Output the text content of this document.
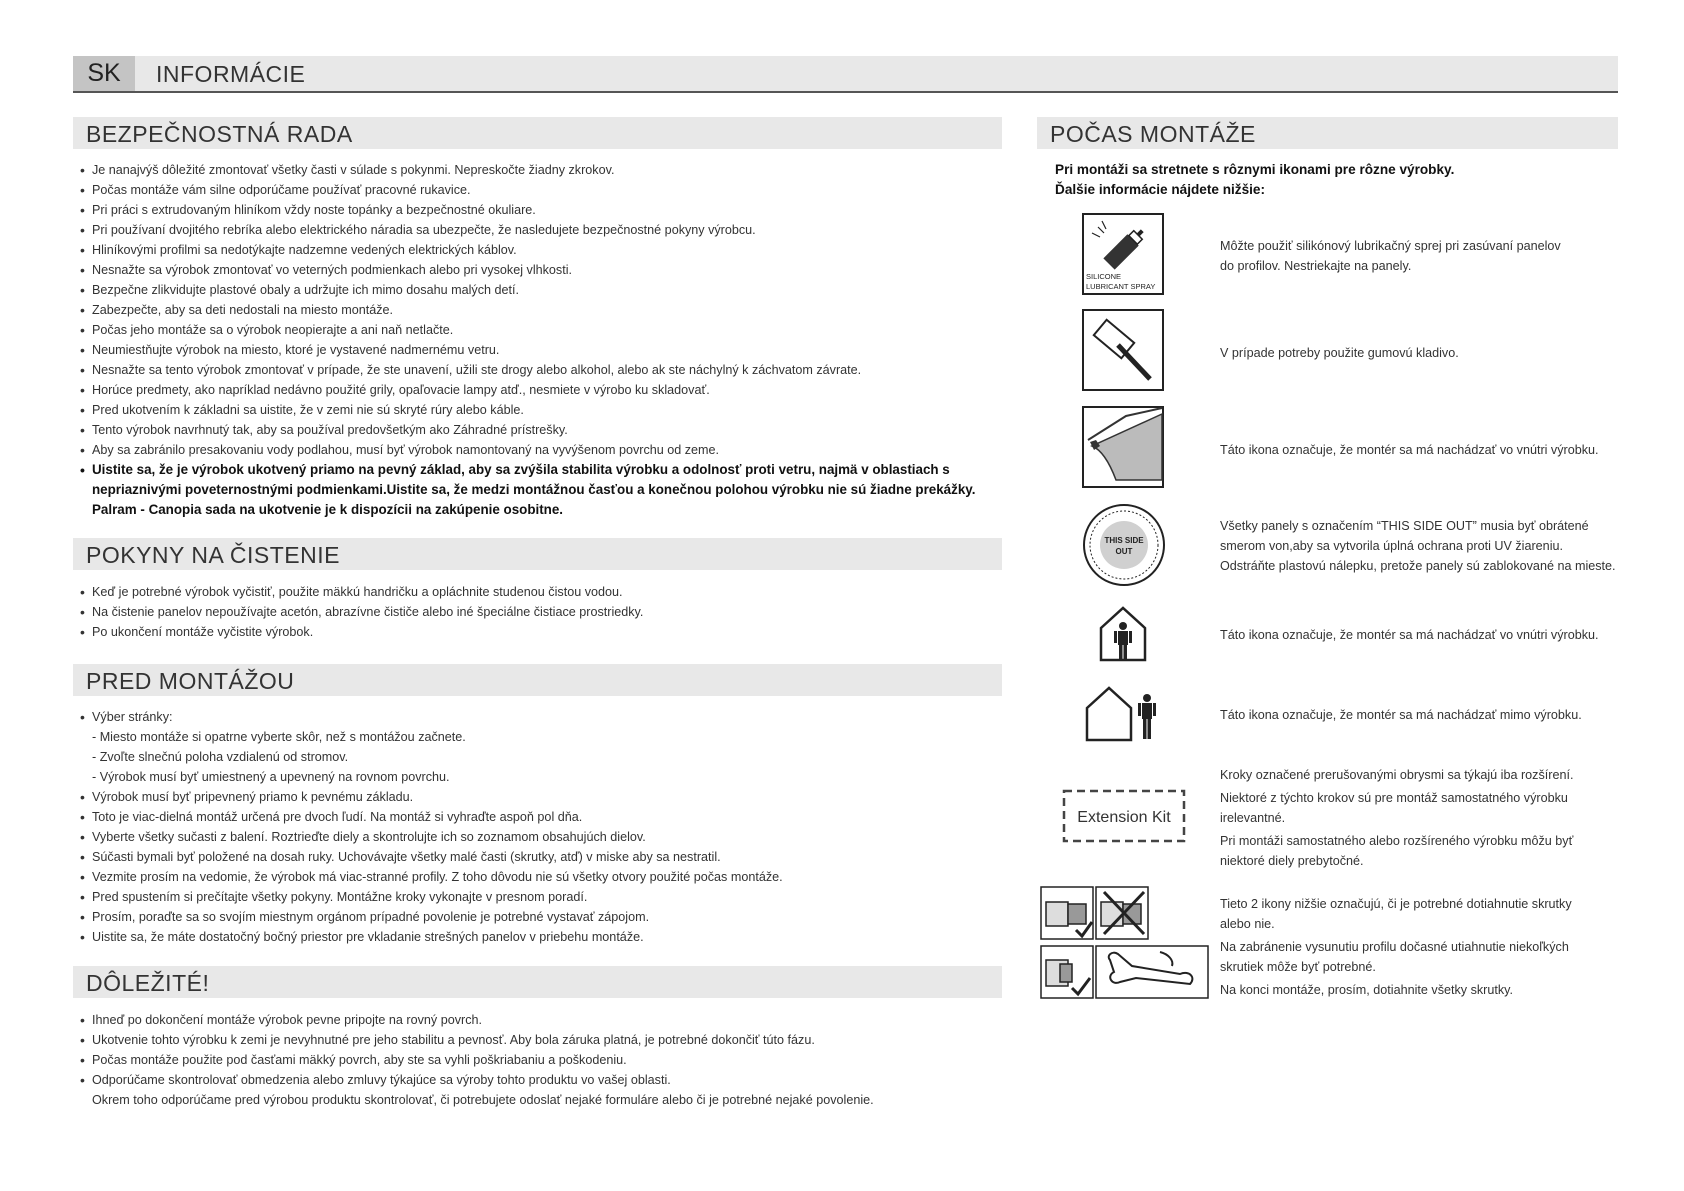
SK	INFORMÁCIE
BEZPEČNOSTNÁ RADA
• Je nanajvýš dôležité zmontovať všetky časti v súlade s pokynmi. Nepreskočte žiadny zkrokov.
• Počas montáže vám silne odporúčame používať pracovné rukavice.
• Pri práci s extrudovaným hliníkom vždy noste topánky a bezpečnostné okuliare.
• Pri používaní dvojitého rebríka alebo elektrického náradia sa ubezpečte, že nasledujete bezpečnostné pokyny výrobcu.
• Hliníkovými profilmi sa nedotýkajte nadzemne vedených elektrických káblov.
• Nesnažte sa výrobok zmontovať vo veterných podmienkach alebo pri vysokej vlhkosti.
• Bezpečne zlikvidujte plastové obaly a udržujte ich mimo dosahu malých detí.
• Zabezpečte, aby sa deti nedostali na miesto montáže.
• Počas jeho montáže sa o výrobok neopierajte a ani naň netlačte.
• Neumiestňujte výrobok na miesto, ktoré je vystavené nadmernému vetru.
• Nesnažte sa tento výrobok zmontovať v prípade, že ste unavení, užili ste drogy alebo alkohol, alebo ak ste náchylný k záchvatom závrate.
• Horúce predmety, ako napríklad nedávno použité grily, opaľovacie lampy atď., nesmiete v výrobo ku skladovať.
• Pred ukotvením k základni sa uistite, že v zemi nie sú skryté rúry alebo káble.
• Tento výrobok navrhnutý tak, aby sa používal predovšetkým ako Záhradné prístrešky.
• Aby sa zabránilo presakovaniu vody podlahou, musí byť výrobok namontovaný na vyvýšenom povrchu od zeme.
• Uistite sa, že je výrobok ukotvený priamo na pevný základ, aby sa zvýšila stabilita výrobku a odolnosť proti vetru, najmä v oblastiach s
nepriaznivými poveternostnými podmienkami.Uistite sa, že medzi montážnou časťou a konečnou polohou výrobku nie sú žiadne prekážky.
Palram - Canopia sada na ukotvenie je k dispozícii na zakúpenie osobitne.
POKYNY NA ČISTENIE
• Keď je potrebné výrobok vyčistiť, použite mäkkú handričku a opláchnite studenou čistou vodou.
• Na čistenie panelov nepoužívajte acetón, abrazívne čističe alebo iné špeciálne čistiace prostriedky.
• Po ukončení montáže vyčistite výrobok.
PRED MONTÁŽOU
• Výber stránky:
- Miesto montáže si opatrne vyberte skôr, než s montážou začnete.
- Zvoľte slnečnú poloha vzdialenú od stromov.
- Výrobok musí byť umiestnený a upevnený na rovnom povrchu.
• Výrobok musí byť pripevnený priamo k pevnému základu.
• Toto je viac-dielná montáž určená pre dvoch ľudí. Na montáž si vyhraďte aspoň pol dňa.
• Vyberte všetky sučasti z balení. Roztrieďte diely a skontrolujte ich so zoznamom obsahujúch dielov.
• Súčasti bymali byť položené na dosah ruky. Uchovávajte všetky malé časti (skrutky, atď) v miske aby sa nestratil.
• Vezmite prosím na vedomie, že výrobok má viac-stranné profily. Z toho dôvodu nie sú všetky otvory použité počas montáže.
• Pred spustením si prečítajte všetky pokyny. Montážne kroky vykonajte v presnom poradí.
• Prosím, poraďte sa so svojím miestnym orgánom prípadné povolenie je potrebné vystavať zápojom.
• Uistite sa, že máte dostatočný bočný priestor pre vkladanie strešných panelov v priebehu montáže.
DÔLEŽITÉ!
• Ihneď po dokončení montáže výrobok pevne pripojte na rovný povrch.
• Ukotvenie tohto výrobku k zemi je nevyhnutné pre jeho stabilitu a pevnosť. Aby bola záruka platná, je potrebné dokončiť túto fázu.
• Počas montáže použite pod časťami mäkký povrch, aby ste sa vyhli poškriabaniu a poškodeniu.
• Odporúčame skontrolovať obmedzenia alebo zmluvy týkajúce sa výroby tohto produktu vo vašej oblasti.
Okrem toho odporúčame pred výrobou produktu skontrolovať, či potrebujete odoslať nejaké formuláre alebo či je potrebné nejaké povolenie.
POČAS MONTÁŽE
Pri montáži sa stretnete s rôznymi ikonami pre rôzne výrobky.
Ďalšie informácie nájdete nižšie:
SILICONE
LUBRICANT SPRAY

Môžte použiť silikónový lubrikačný sprej pri zasúvaní panelov

do profilov. Nestriekajte na panely.

V prípade potreby použite gumovú kladivo.

Táto ikona označuje, že montér sa má nachádzať vo vnútri výrobku.

THIS SIDE
OUT

Všetky panely s označením “THIS SIDE OUT” musia byť obrátené

smerom von,aby sa vytvorila úplná ochrana proti UV žiareniu.

Odstráňte plastovú nálepku, pretože panely sú zablokované na mieste.

Táto ikona označuje, že montér sa má nachádzať vo vnútri výrobku.

Táto ikona označuje, že montér sa má nachádzať mimo výrobku.

Extension Kit

Kroky označené prerušovanými obrysmi sa týkajú iba rozšírení.

Niektoré z týchto krokov sú pre montáž samostatného výrobku

irelevantné.

Pri montáži samostatného alebo rozšíreného výrobku môžu byť

niektoré diely prebytočné.

Tieto 2 ikony nižšie označujú, či je potrebné dotiahnutie skrutky

alebo nie.

Na zabránenie vysunutiu profilu dočasné utiahnutie niekoľkých

skrutiek môže byť potrebné.

Na konci montáže, prosím, dotiahnite všetky skrutky.
